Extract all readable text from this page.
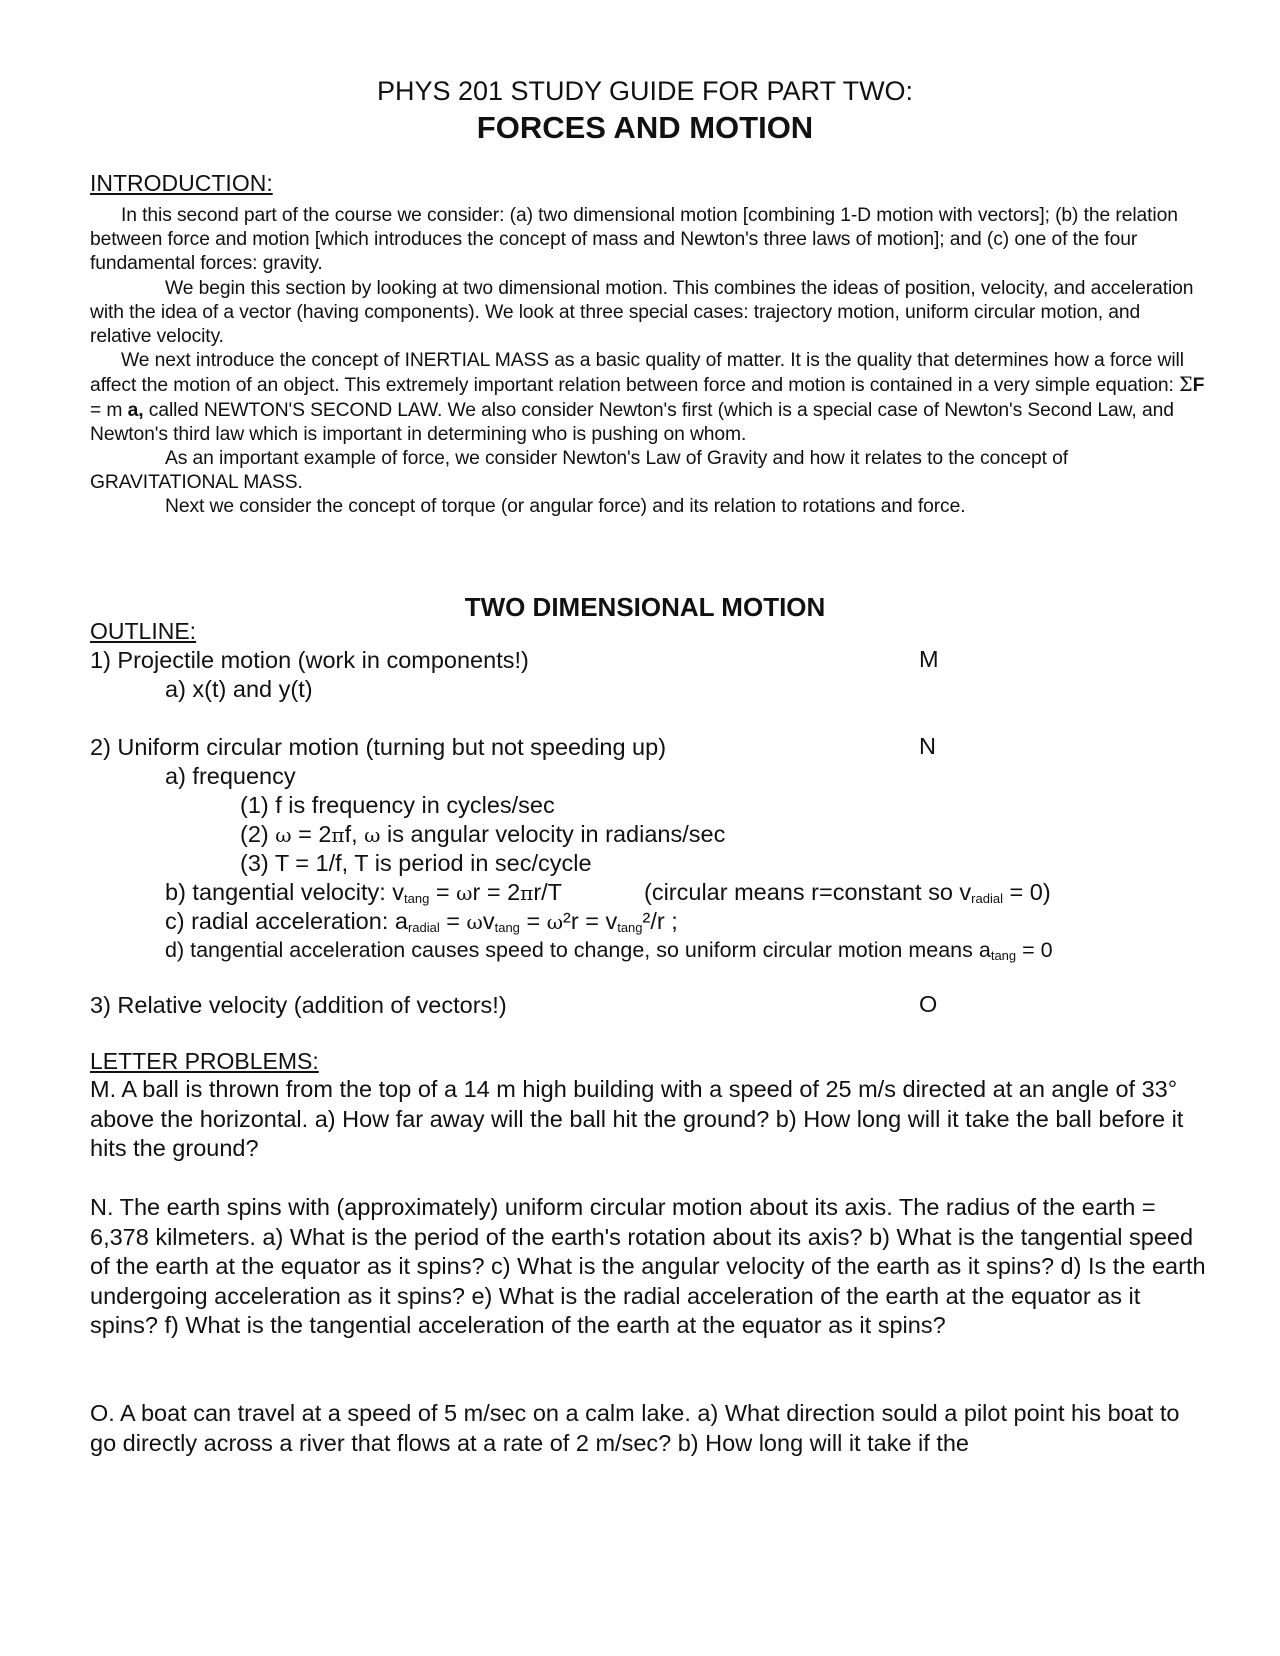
PHYS 201 STUDY GUIDE FOR PART TWO:
FORCES AND MOTION
INTRODUCTION:

In this second part of the course we consider: (a) two dimensional motion [combining 1-D motion with vectors]; (b) the relation between force and motion [which introduces the concept of mass and Newton's three laws of motion]; and (c) one of the four fundamental forces: gravity.

We begin this section by looking at two dimensional motion. This combines the ideas of position, velocity, and acceleration with the idea of a vector (having components). We look at three special cases: trajectory motion, uniform circular motion, and relative velocity.

We next introduce the concept of INERTIAL MASS as a basic quality of matter. It is the quality that determines how a force will affect the motion of an object. This extremely important relation between force and motion is contained in a very simple equation: ΣF = m a, called NEWTON'S SECOND LAW. We also consider Newton's first (which is a special case of Newton's Second Law, and Newton's third law which is important in determining who is pushing on whom.

As an important example of force, we consider Newton's Law of Gravity and how it relates to the concept of GRAVITATIONAL MASS.

Next we consider the concept of torque (or angular force) and its relation to rotations and force.

TWO DIMENSIONAL MOTION
OUTLINE:
1) Projectile motion (work in components!)	M
a) x(t) and y(t)
2) Uniform circular motion (turning but not speeding up)	N
a) frequency
(1) f is frequency in cycles/sec
(2) ω = 2πf, ω is angular velocity in radians/sec
(3) T = 1/f, T is period in sec/cycle
b) tangential velocity: $v_{tang} = \omega r = 2\pi r/T$	(circular means r=constant so $v_{radial} = 0$)
c) radial acceleration: $a_{radial} = \omega v_{tang} = \omega^2r = v_{tang}^2/r$ ;
d) tangential acceleration causes speed to change, so uniform circular motion means $a_{tang} = 0$
3) Relative velocity (addition of vectors!)	O
LETTER PROBLEMS:

M. A ball is thrown from the top of a 14 m high building with a speed of 25 m/s directed at an angle of 33° above the horizontal. a) How far away will the ball hit the ground? b) How long will it take the ball before it hits the ground?

N. The earth spins with (approximately) uniform circular motion about its axis. The radius of the earth = 6,378 kilmeters. a) What is the period of the earth's rotation about its axis? b) What is the tangential speed of the earth at the equator as it spins? c) What is the angular velocity of the earth as it spins? d) Is the earth undergoing acceleration as it spins? e) What is the radial acceleration of the earth at the equator as it spins? f) What is the tangential acceleration of the earth at the equator as it spins?

O. A boat can travel at a speed of 5 m/sec on a calm lake. a) What direction sould a pilot point his boat to go directly across a river that flows at a rate of 2 m/sec? b) How long will it take if the
